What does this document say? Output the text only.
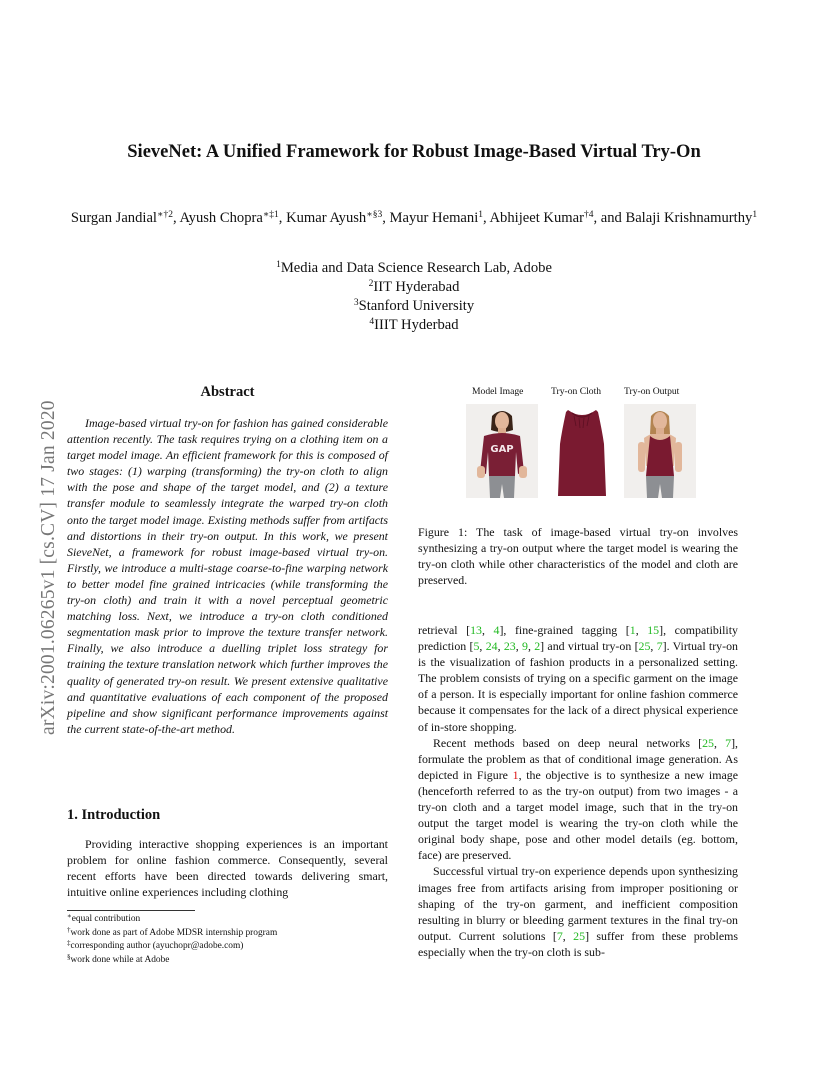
SieveNet: A Unified Framework for Robust Image-Based Virtual Try-On
Surgan Jandial$^{∗\dagger 2}$, Ayush Chopra$^{∗\ddagger 1}$, Kumar Ayush$^{∗\S 3}$, Mayur Hemani$^1$, Abhijeet Kumar$^{\dagger 4}$, and Balaji Krishnamurthy$^1$
$^1$Media and Data Science Research Lab, Adobe
$^2$IIT Hyderabad
$^3$Stanford University
$^4$IIIT Hyderbad
arXiv:2001.06265v1 [cs.CV] 17 Jan 2020
Abstract
Image-based virtual try-on for fashion has gained considerable attention recently. The task requires trying on a clothing item on a target model image. An efficient framework for this is composed of two stages: (1) warping (transforming) the try-on cloth to align with the pose and shape of the target model, and (2) a texture transfer module to seamlessly integrate the warped try-on cloth onto the target model image. Existing methods suffer from artifacts and distortions in their try-on output. In this work, we present SieveNet, a framework for robust image-based virtual try-on. Firstly, we introduce a multi-stage coarse-to-fine warping network to better model fine grained intricacies (while transforming the try-on cloth) and train it with a novel perceptual geometric matching loss. Next, we introduce a try-on cloth conditioned segmentation mask prior to improve the texture transfer network. Finally, we also introduce a duelling triplet loss strategy for training the texture translation network which further improves the quality of generated try-on result. We present extensive qualitative and quantitative evaluations of each component of the proposed pipeline and show significant performance improvements against the current state-of-the-art method.
1. Introduction
Providing interactive shopping experiences is an important problem for online fashion commerce. Consequently, several recent efforts have been directed towards delivering smart, intuitive online experiences including clothing
∗equal contribution
†work done as part of Adobe MDSR internship program
‡corresponding author (ayuchopr@adobe.com)
§work done while at Adobe
Model Image	Try-on Cloth Try-on Output
GAP
Figure 1: The task of image-based virtual try-on involves synthesizing a try-on output where the target model is wearing the try-on cloth while other characteristics of the model and cloth are preserved.

retrieval [13, 4], fine-grained tagging [1, 15], compatibility prediction [5, 24, 23, 9, 2] and virtual try-on [25, 7]. Virtual try-on is the visualization of fashion products in a personalized setting. The problem consists of trying on a specific garment on the image of a person. It is especially important for online fashion commerce because it compensates for the lack of a direct physical experience of in-store shopping.

Recent methods based on deep neural networks [25, 7], formulate the problem as that of conditional image generation. As depicted in Figure 1, the objective is to synthesize a new image (henceforth referred to as the try-on output) from two images - a try-on cloth and a target model image, such that in the try-on output the target model is wearing the try-on cloth while the original body shape, pose and other model details (eg. bottom, face) are preserved.

Successful virtual try-on experience depends upon synthesizing images free from artifacts arising from improper positioning or shaping of the try-on garment, and inefficient composition resulting in blurry or bleeding garment textures in the final try-on output. Current solutions [7, 25] suffer from these problems especially when the try-on cloth is sub-
